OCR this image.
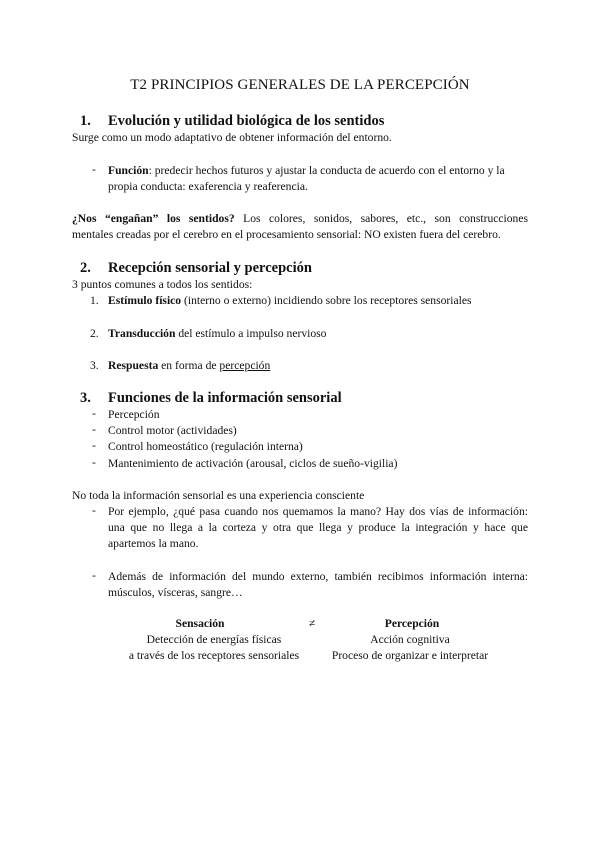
T2 PRINCIPIOS GENERALES DE LA PERCEPCIÓN
1. Evolución y utilidad biológica de los sentidos
Surge como un modo adaptativo de obtener información del entorno.
- Función: predecir hechos futuros y ajustar la conducta de acuerdo con el entorno y la
propia conducta: exaferencia y reaferencia.
¿Nos “engañan” los sentidos? Los colores, sonidos, sabores, etc., son construcciones
mentales creadas por el cerebro en el procesamiento sensorial: NO existen fuera del cerebro.
2. Recepción sensorial y percepción
3 puntos comunes a todos los sentidos:
1. Estímulo físico (interno o externo) incidiendo sobre los receptores sensoriales
2. Transducción del estímulo a impulso nervioso
3. Respuesta en forma de percepción
3. Funciones de la información sensorial
- Percepción
- Control motor (actividades)
- Control homeostático (regulación interna)
- Mantenimiento de activación (arousal, ciclos de sueño-vigilia)
No toda la información sensorial es una experiencia consciente
- Por ejemplo, ¿qué pasa cuando nos quemamos la mano? Hay dos vías de información:
una que no llega a la corteza y otra que llega y produce la integración y hace que
apartemos la mano.
- Además de información del mundo externo, también recibimos información interna:
músculos, vísceras, sangre…
Sensación	≠	Percepción
Detección de energías físicas	Acción cognitiva
a través de los receptores sensoriales	Proceso de organizar e interpretar
